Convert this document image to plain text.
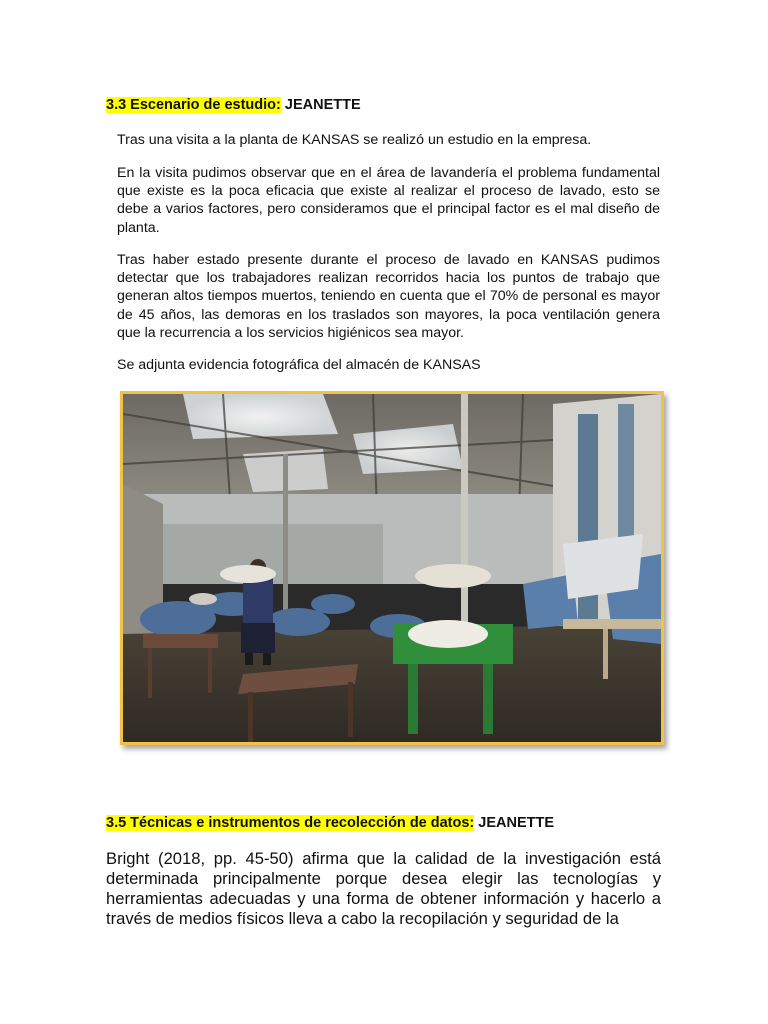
3.3 Escenario de estudio: JEANETTE

Tras una visita a la planta de KANSAS se realizó un estudio en la empresa.

En la visita pudimos observar que en el área de lavandería el problema fundamental que existe es la poca eficacia que existe al realizar el proceso de lavado, esto se debe a varios factores, pero consideramos que el principal factor es el mal diseño de planta.

Tras haber estado presente durante el proceso de lavado en KANSAS pudimos detectar que los trabajadores realizan recorridos hacia los puntos de trabajo que generan altos tiempos muertos, teniendo en cuenta que el 70% de personal es mayor de 45 años, las demoras en los traslados son mayores, la poca ventilación genera que la recurrencia a los servicios higiénicos sea mayor.

Se adjunta evidencia fotográfica del almacén de KANSAS

3.5 Técnicas e instrumentos de recolección de datos: JEANETTE

Bright (2018, pp. 45-50) afirma que la calidad de la investigación está determinada principalmente porque desea elegir las tecnologías y herramientas adecuadas y una forma de obtener información y hacerlo a través de medios físicos lleva a cabo la recopilación y seguridad de la
